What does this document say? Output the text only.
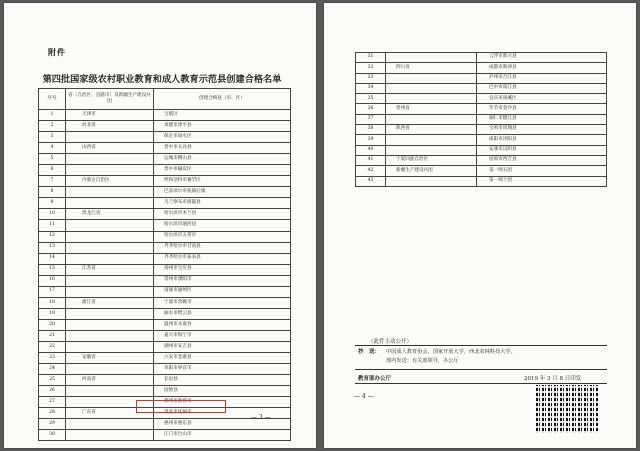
附件
第四批国家级农村职业教育和成人教育示范县创建合格名单
序号	省（自治区、直辖市）及新疆生产建设兵团	创建合格县（市、区）
1	天津市	宝坻区
2	河北省	承德市滦平县
3		保定市徐水区
4	山西省	晋中市太谷县
5		运城市稷山县
6		晋中市榆次区
7	内蒙古自治区	呼和浩特市赛罕区
8		巴彦淖尔市杭锦后旗
9		乌兰察布市商都县
10	黑龙江省	哈尔滨市木兰县
11		哈尔滨市通河县
12		哈尔滨市五常市
13		齐齐哈尔市甘南县
14		齐齐哈尔市泰来县
15	江苏省	扬州市宝应县
16		常州市溧阳市
17		南通市通州区
18	浙江省	宁波市余姚市
19		丽水市缙云县
20		温州市永嘉县
21		嘉兴市海宁市
22		湖州市安吉县
23	安徽省	六安市金寨县
24		阜阳市界首市
25	河南省	长垣县
26		固始县
27		郑州市新密市
28	广东省	茂名市化州市
29		惠州市惠东县
30		江门市台山市
— 3 —
31		云浮市新兴县
32	四川省	成都市新津县
33		泸州市合江县
34		巴中市南江县
35		宜宾市南溪区
36	贵州省	毕节市金沙县
37		铜仁市德江县
38	陕西省	宝鸡市凤翔县
39		咸阳市泾阳县
40		安康市汉阴县
41	宁夏回族自治区	固原市西吉县
42	新疆生产建设兵团	第一师五团
43		第一师十团
（此件主动公开）
抄　送： 中国成人教育协会，国家开放大学，西北农林科技大学。
部内发送：有关部领导，办公厅
教育部办公厅	2019 年 3 月 8 日印发
— 4 —
